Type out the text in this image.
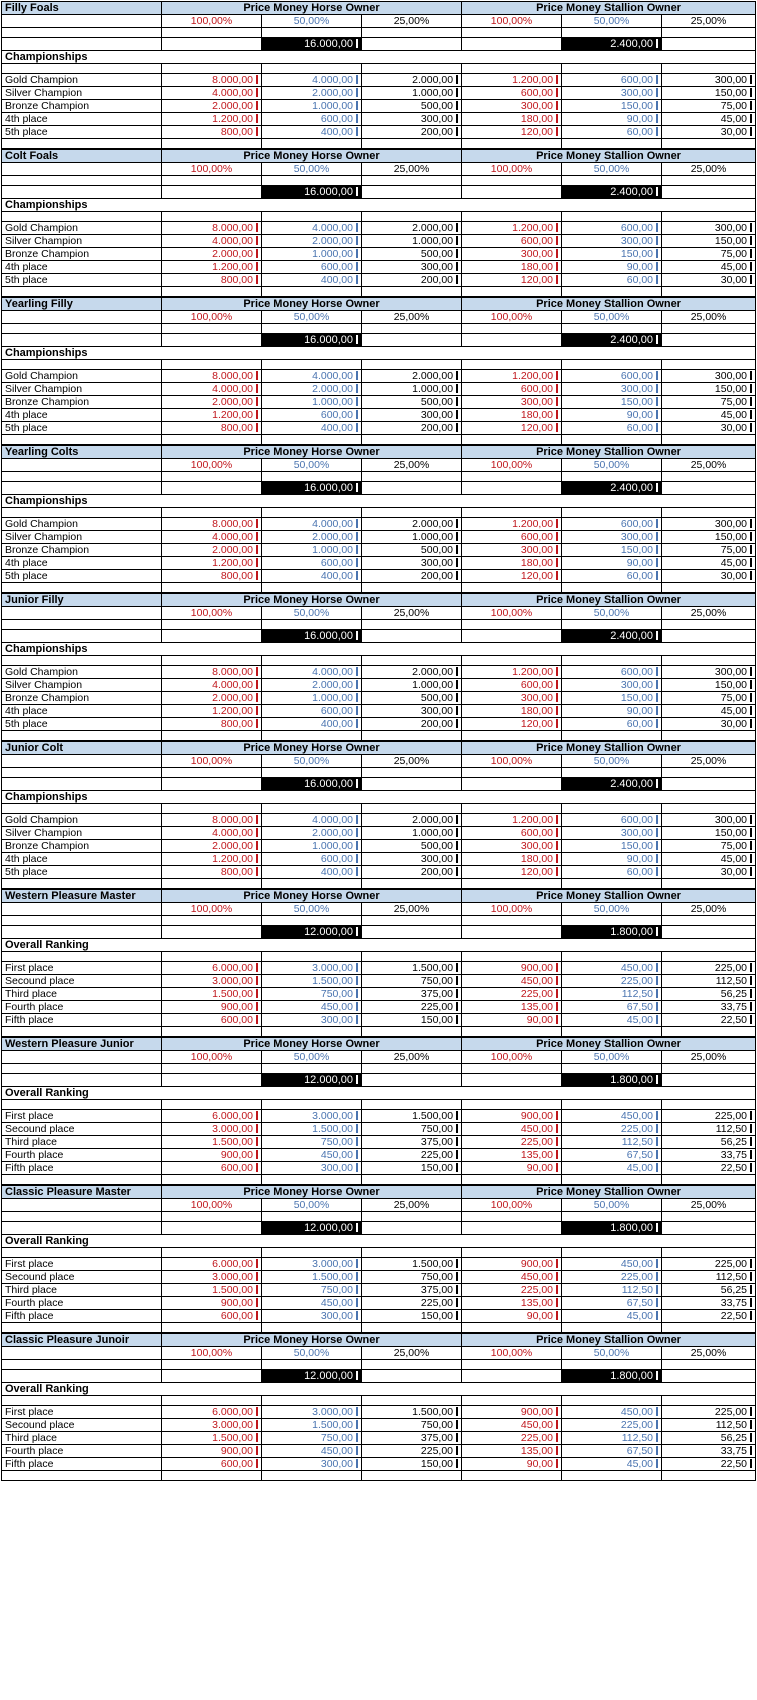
Filly Foals	Price Money Horse Owner			Price Money Stallion Owner		
	100,00%	50,00%	25,00%	100,00%	50,00%	25,00%

		16.000,00			2.400,00	
Championships						

Gold Champion	8.000,00	4.000,00	2.000,00	1.200,00	600,00	300,00
Silver Champion	4.000,00	2.000,00	1.000,00	600,00	300,00	150,00
Bronze Champion	2.000,00	1.000,00	500,00	300,00	150,00	75,00
4th place	1.200,00	600,00	300,00	180,00	90,00	45,00
5th place	800,00	400,00	200,00	120,00	60,00	30,00

Colt Foals	Price Money Horse Owner			Price Money Stallion Owner		
	100,00%	50,00%	25,00%	100,00%	50,00%	25,00%

		16.000,00			2.400,00	
Championships						

Gold Champion	8.000,00	4.000,00	2.000,00	1.200,00	600,00	300,00
Silver Champion	4.000,00	2.000,00	1.000,00	600,00	300,00	150,00
Bronze Champion	2.000,00	1.000,00	500,00	300,00	150,00	75,00
4th place	1.200,00	600,00	300,00	180,00	90,00	45,00
5th place	800,00	400,00	200,00	120,00	60,00	30,00

Yearling Filly	Price Money Horse Owner			Price Money Stallion Owner		
	100,00%	50,00%	25,00%	100,00%	50,00%	25,00%

		16.000,00			2.400,00	
Championships						

Gold Champion	8.000,00	4.000,00	2.000,00	1.200,00	600,00	300,00
Silver Champion	4.000,00	2.000,00	1.000,00	600,00	300,00	150,00
Bronze Champion	2.000,00	1.000,00	500,00	300,00	150,00	75,00
4th place	1.200,00	600,00	300,00	180,00	90,00	45,00
5th place	800,00	400,00	200,00	120,00	60,00	30,00

Yearling Colts	Price Money Horse Owner			Price Money Stallion Owner		
	100,00%	50,00%	25,00%	100,00%	50,00%	25,00%

		16.000,00			2.400,00	
Championships						

Gold Champion	8.000,00	4.000,00	2.000,00	1.200,00	600,00	300,00
Silver Champion	4.000,00	2.000,00	1.000,00	600,00	300,00	150,00
Bronze Champion	2.000,00	1.000,00	500,00	300,00	150,00	75,00
4th place	1.200,00	600,00	300,00	180,00	90,00	45,00
5th place	800,00	400,00	200,00	120,00	60,00	30,00

Junior Filly	Price Money Horse Owner			Price Money Stallion Owner		
	100,00%	50,00%	25,00%	100,00%	50,00%	25,00%

		16.000,00			2.400,00	
Championships						

Gold Champion	8.000,00	4.000,00	2.000,00	1.200,00	600,00	300,00
Silver Champion	4.000,00	2.000,00	1.000,00	600,00	300,00	150,00
Bronze Champion	2.000,00	1.000,00	500,00	300,00	150,00	75,00
4th place	1.200,00	600,00	300,00	180,00	90,00	45,00
5th place	800,00	400,00	200,00	120,00	60,00	30,00

Junior Colt	Price Money Horse Owner			Price Money Stallion Owner		
	100,00%	50,00%	25,00%	100,00%	50,00%	25,00%

		16.000,00			2.400,00	
Championships						

Gold Champion	8.000,00	4.000,00	2.000,00	1.200,00	600,00	300,00
Silver Champion	4.000,00	2.000,00	1.000,00	600,00	300,00	150,00
Bronze Champion	2.000,00	1.000,00	500,00	300,00	150,00	75,00
4th place	1.200,00	600,00	300,00	180,00	90,00	45,00
5th place	800,00	400,00	200,00	120,00	60,00	30,00

Western Pleasure Master	Price Money Horse Owner			Price Money Stallion Owner		
	100,00%	50,00%	25,00%	100,00%	50,00%	25,00%

		12.000,00			1.800,00	
Overall Ranking						

First place	6.000,00	3.000,00	1.500,00	900,00	450,00	225,00
Secound place	3.000,00	1.500,00	750,00	450,00	225,00	112,50
Third place	1.500,00	750,00	375,00	225,00	112,50	56,25
Fourth place	900,00	450,00	225,00	135,00	67,50	33,75
Fifth place	600,00	300,00	150,00	90,00	45,00	22,50

Western Pleasure Junior	Price Money Horse Owner			Price Money Stallion Owner		
	100,00%	50,00%	25,00%	100,00%	50,00%	25,00%

		12.000,00			1.800,00	
Overall Ranking						

First place	6.000,00	3.000,00	1.500,00	900,00	450,00	225,00
Secound place	3.000,00	1.500,00	750,00	450,00	225,00	112,50
Third place	1.500,00	750,00	375,00	225,00	112,50	56,25
Fourth place	900,00	450,00	225,00	135,00	67,50	33,75
Fifth place	600,00	300,00	150,00	90,00	45,00	22,50

Classic Pleasure Master	Price Money Horse Owner			Price Money Stallion Owner		
	100,00%	50,00%	25,00%	100,00%	50,00%	25,00%

		12.000,00			1.800,00	
Overall Ranking						

First place	6.000,00	3.000,00	1.500,00	900,00	450,00	225,00
Secound place	3.000,00	1.500,00	750,00	450,00	225,00	112,50
Third place	1.500,00	750,00	375,00	225,00	112,50	56,25
Fourth place	900,00	450,00	225,00	135,00	67,50	33,75
Fifth place	600,00	300,00	150,00	90,00	45,00	22,50

Classic Pleasure Junoir	Price Money Horse Owner			Price Money Stallion Owner		
	100,00%	50,00%	25,00%	100,00%	50,00%	25,00%

		12.000,00			1.800,00	
Overall Ranking						

First place	6.000,00	3.000,00	1.500,00	900,00	450,00	225,00
Secound place	3.000,00	1.500,00	750,00	450,00	225,00	112,50
Third place	1.500,00	750,00	375,00	225,00	112,50	56,25
Fourth place	900,00	450,00	225,00	135,00	67,50	33,75
Fifth place	600,00	300,00	150,00	90,00	45,00	22,50
